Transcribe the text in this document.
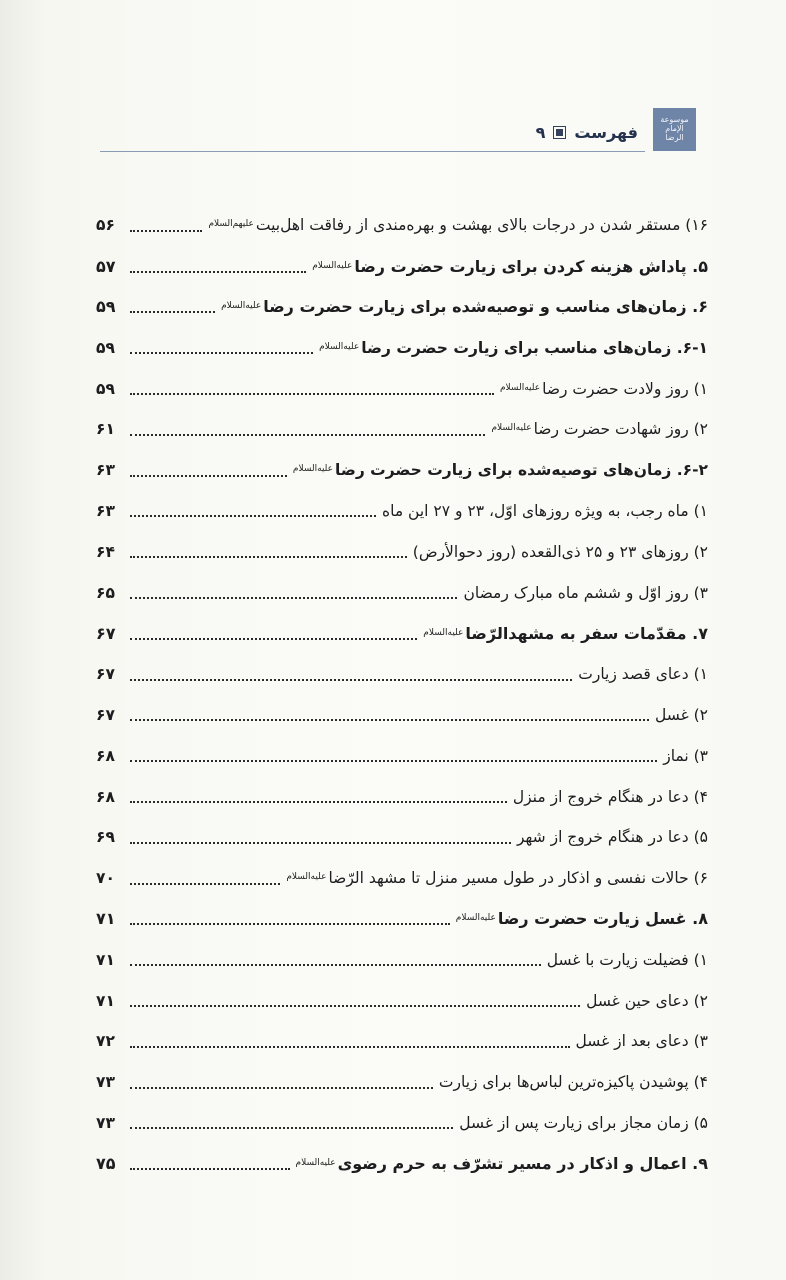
موسوعة
الإمام
الرضا
فهرست
۹
۱۶) مستقر شدن در درجات بالای بهشت و بهره‌مندی از رفاقت اهل‌بیتعلیهم‌السلام
۵۶
۵. پاداش هزینه کردن برای زیارت حضرت رضاعلیه‌السلام
۵۷
۶. زمان‌های مناسب و توصیه‌شده برای زیارت حضرت رضاعلیه‌السلام
۵۹
۶-۱. زمان‌های مناسب برای زیارت حضرت رضاعلیه‌السلام
۵۹
۱) روز ولادت حضرت رضاعلیه‌السلام
۵۹
۲) روز شهادت حضرت رضاعلیه‌السلام
۶۱
۶-۲. زمان‌های توصیه‌شده برای زیارت حضرت رضاعلیه‌السلام
۶۳
۱) ماه رجب، به ویژه روزهای اوّل، ۲۳ و ۲۷ این ماه
۶۳
۲) روزهای ۲۳ و ۲۵ ذی‌القعده (روز دحوالأرض)
۶۴
۳) روز اوّل و ششم ماه مبارک رمضان
۶۵
۷. مقدّمات سفر به مشهدالرّضاعلیه‌السلام
۶۷
۱) دعای قصد زیارت
۶۷
۲) غسل
۶۷
۳) نماز
۶۸
۴) دعا در هنگام خروج از منزل
۶۸
۵) دعا در هنگام خروج از شهر
۶۹
۶) حالات نفسی و اذکار در طول مسیر منزل تا مشهد الرّضاعلیه‌السلام
۷۰
۸. غسل زیارت حضرت رضاعلیه‌السلام
۷۱
۱) فضیلت زیارت با غسل
۷۱
۲) دعای حین غسل
۷۱
۳) دعای بعد از غسل
۷۲
۴) پوشیدن پاکیزه‌ترین لباس‌ها برای زیارت
۷۳
۵) زمان مجاز برای زیارت پس از غسل
۷۳
۹. اعمال و اذکار در مسیر تشرّف به حرم رضویعلیه‌السلام
۷۵
